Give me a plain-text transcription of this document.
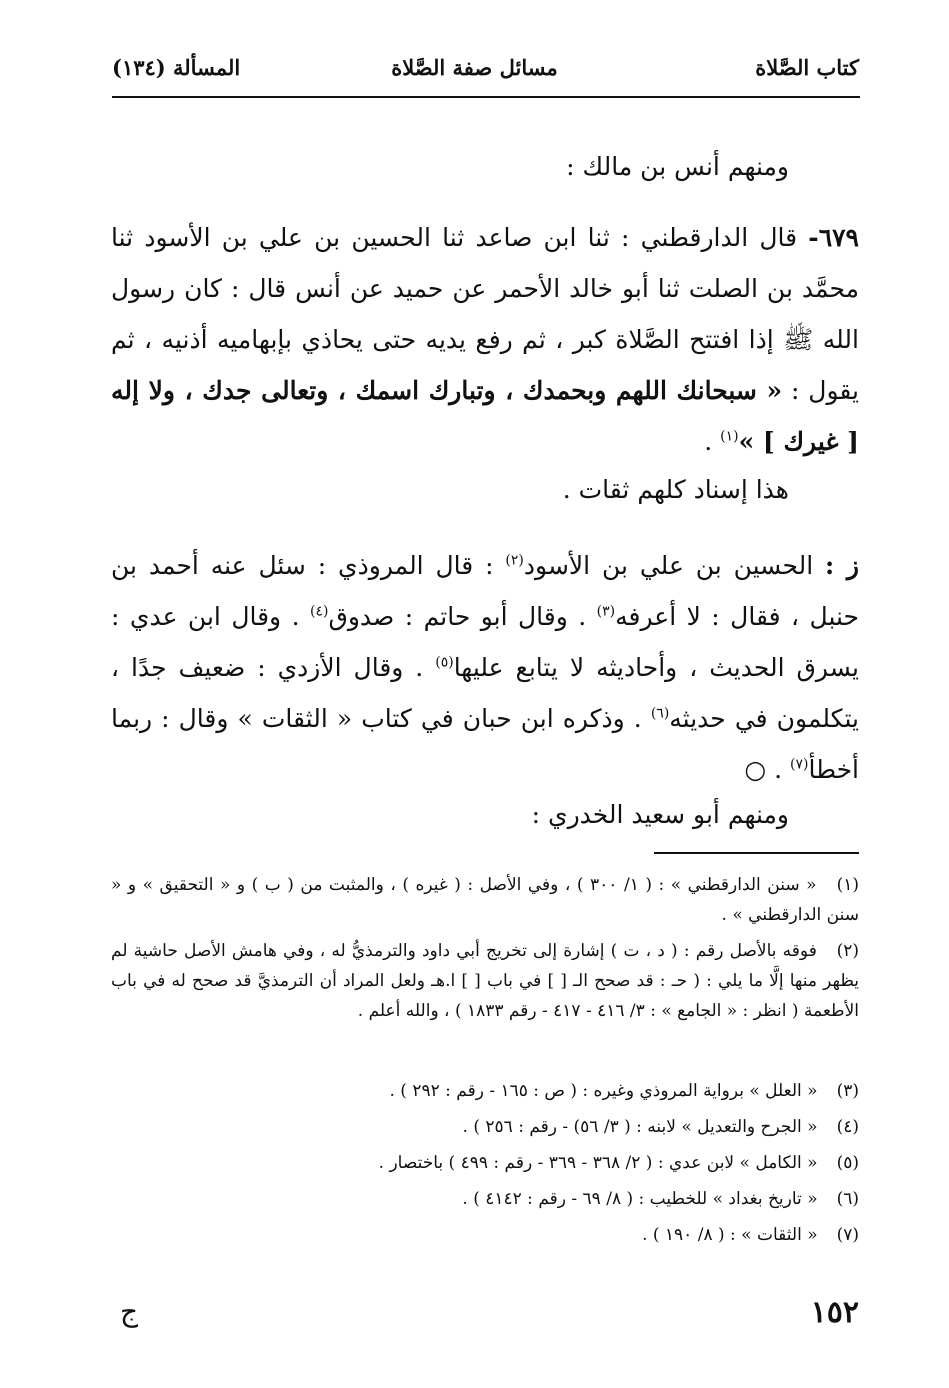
كتاب الصَّلاة
مسائل صفة الصَّلاة
المسألة (١٣٤)
ومنهم أنس بن مالك :
٦٧٩- قال الدارقطني : ثنا ابن صاعد ثنا الحسين بن علي بن الأسود ثنا محمَّد بن الصلت ثنا أبو خالد الأحمر عن حميد عن أنس قال : كان رسول الله ﷺ إذا افتتح الصَّلاة كبر ، ثم رفع يديه حتى يحاذي بإبهاميه أذنيه ، ثم يقول : « سبحانك اللهم وبحمدك ، وتبارك اسمك ، وتعالى جدك ، ولا إله [ غيرك ] »$^{(١)}$ .
هذا إسناد كلهم ثقات .
ز : الحسين بن علي بن الأسود$^{(٢)}$ : قال المروذي : سئل عنه أحمد بن حنبل ، فقال : لا أعرفه$^{(٣)}$ . وقال أبو حاتم : صدوق$^{(٤)}$ . وقال ابن عدي : يسرق الحديث ، وأحاديثه لا يتابع عليها$^{(٥)}$ . وقال الأزدي : ضعيف جدًا ، يتكلمون في حديثه$^{(٦)}$ . وذكره ابن حبان في كتاب « الثقات » وقال : ربما أخطأ$^{(٧)}$ . ○
ومنهم أبو سعيد الخدري :
(١) « سنن الدارقطني » : ( ١/ ٣٠٠ ) ، وفي الأصل : ( غيره ) ، والمثبت من ( ب ) و « التحقيق » و « سنن الدارقطني » .
(٢) فوقه بالأصل رقم : ( د ، ت ) إشارة إلى تخريج أبي داود والترمذيُّ له ، وفي هامش الأصل حاشية لم يظهر منها إلَّا ما يلي : ( حـ : قد صحح الـ [ ] في باب [ ] ا.هـ ولعل المراد أن الترمذيَّ قد صحح له في باب الأطعمة ( انظر : « الجامع » : ٣/ ٤١٦ - ٤١٧ - رقم ١٨٣٣ ) ، والله أعلم .
(٣) « العلل » برواية المروذي وغيره : ( ص : ١٦٥ - رقم : ٢٩٢ ) .
(٤) « الجرح والتعديل » لابنه : ( ٣/ ٥٦) - رقم : ٢٥٦ ) .
(٥) « الكامل » لابن عدي : ( ٢/ ٣٦٨ - ٣٦٩ - رقم : ٤٩٩ ) باختصار .
(٦) « تاريخ بغداد » للخطيب : ( ٨/ ٦٩ - رقم : ٤١٤٢ ) .
(٧) « الثقات » : ( ٨/ ١٩٠ ) .
١٥٢
ج
